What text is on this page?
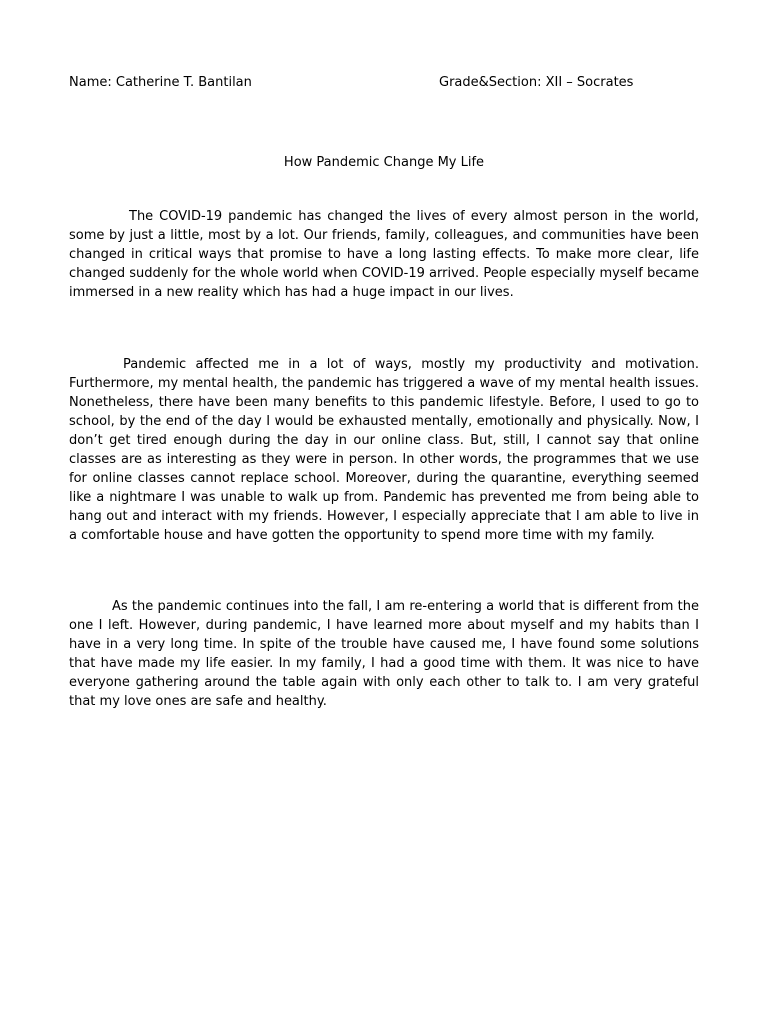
Name: Catherine T. Bantilan	Grade&Section: XII – Socrates
How Pandemic Change My Life

The COVID-19 pandemic has changed the lives of every almost person in the world, some by just a little, most by a lot. Our friends, family, colleagues, and communities have been changed in critical ways that promise to have a long lasting effects. To make more clear, life changed suddenly for the whole world when COVID-19 arrived. People especially myself became immersed in a new reality which has had a huge impact in our lives.

Pandemic affected me in a lot of ways, mostly my productivity and motivation. Furthermore, my mental health, the pandemic has triggered a wave of my mental health issues. Nonetheless, there have been many benefits to this pandemic lifestyle. Before, I used to go to school, by the end of the day I would be exhausted mentally, emotionally and physically. Now, I don’t get tired enough during the day in our online class. But, still, I cannot say that online classes are as interesting as they were in person. In other words, the programmes that we use for online classes cannot replace school. Moreover, during the quarantine, everything seemed like a nightmare I was unable to walk up from. Pandemic has prevented me from being able to hang out and interact with my friends. However, I especially appreciate that I am able to live in a comfortable house and have gotten the opportunity to spend more time with my family.

As the pandemic continues into the fall, I am re-entering a world that is different from the one I left. However, during pandemic, I have learned more about myself and my habits than I have in a very long time. In spite of the trouble have caused me, I have found some solutions that have made my life easier. In my family, I had a good time with them. It was nice to have everyone gathering around the table again with only each other to talk to. I am very grateful that my love ones are safe and healthy.
